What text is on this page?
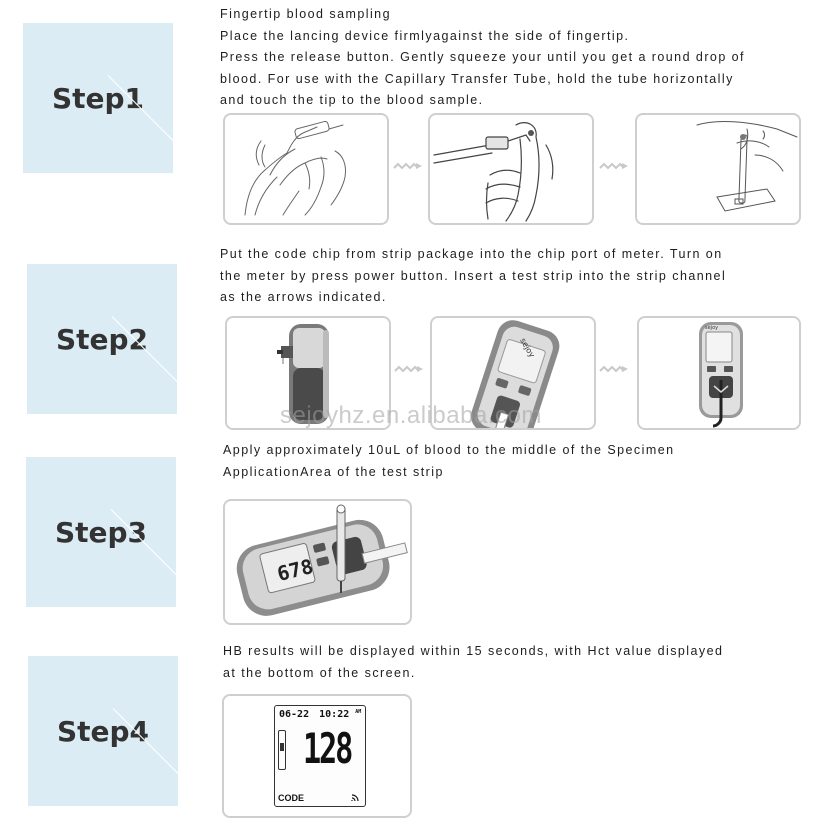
Step1
Fingertip blood sampling
Place the lancing device firmlyagainst the side of fingertip.
Press the release button. Gently squeeze your until you get a round drop of
blood. For use with the Capillary Transfer Tube, hold the tube horizontally
and touch the tip to the blood sample.
Step2
Put the code chip from strip package into the chip port of meter. Turn on
the meter by press power button. Insert a test strip into the strip channel
as the arrows indicated.
sejoy
sejoy
sejoyhz.en.alibaba.com
Step3
Apply approximately 10uL of blood to the middle of the Specimen
ApplicationArea of the test strip
678
Step4
HB results will be displayed within 15 seconds, with Hct value displayed
at the bottom of the screen.
06-22 10:22 $^{AM}$
128
CODE
